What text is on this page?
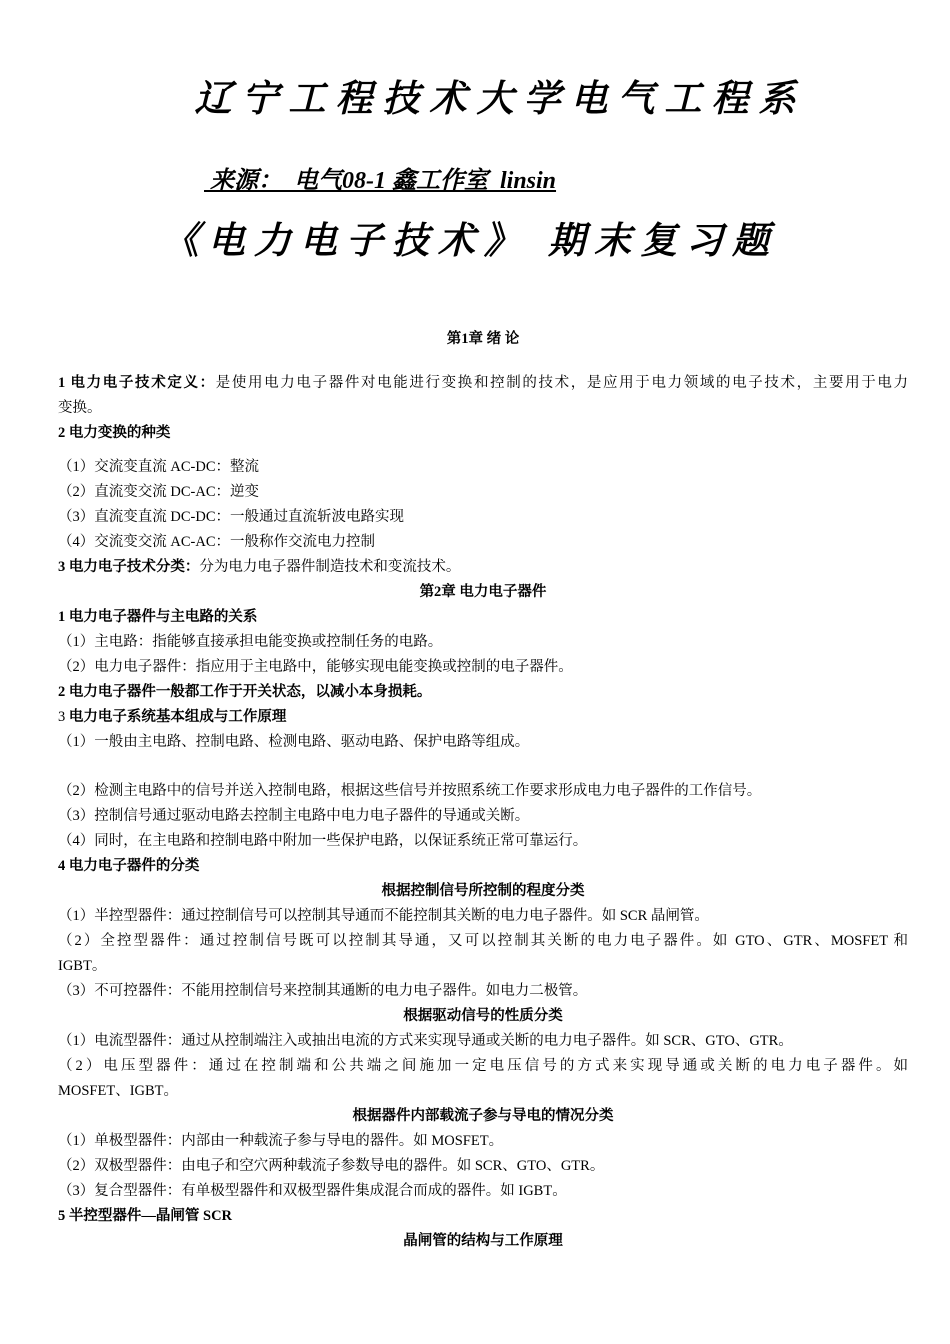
辽宁工程技术大学电气工程系
来源：  电气08-1 鑫工作室  linsin
《电力电子技术》 期末复习题
第1章 绪 论
1 电力电子技术定义：是使用电力电子器件对电能进行变换和控制的技术，是应用于电力领域的电子技术，主要用于电力
变换。
2 电力变换的种类
（1）交流变直流 AC-DC：整流
（2）直流变交流 DC-AC：逆变
（3）直流变直流 DC-DC：一般通过直流斩波电路实现
（4）交流变交流 AC-AC：一般称作交流电力控制
3 电力电子技术分类：分为电力电子器件制造技术和变流技术。
第2章 电力电子器件
1 电力电子器件与主电路的关系
（1）主电路：指能够直接承担电能变换或控制任务的电路。
（2）电力电子器件：指应用于主电路中，能够实现电能变换或控制的电子器件。
2 电力电子器件一般都工作于开关状态，以减小本身损耗。
3 电力电子系统基本组成与工作原理
（1）一般由主电路、控制电路、检测电路、驱动电路、保护电路等组成。
（2）检测主电路中的信号并送入控制电路，根据这些信号并按照系统工作要求形成电力电子器件的工作信号。
（3）控制信号通过驱动电路去控制主电路中电力电子器件的导通或关断。
（4）同时，在主电路和控制电路中附加一些保护电路，以保证系统正常可靠运行。
4 电力电子器件的分类
根据控制信号所控制的程度分类
（1）半控型器件：通过控制信号可以控制其导通而不能控制其关断的电力电子器件。如 SCR 晶闸管。
（2）全控型器件：通过控制信号既可以控制其导通，又可以控制其关断的电力电子器件。如 GTO、GTR、MOSFET 和
IGBT。
（3）不可控器件：不能用控制信号来控制其通断的电力电子器件。如电力二极管。
根据驱动信号的性质分类
（1）电流型器件：通过从控制端注入或抽出电流的方式来实现导通或关断的电力电子器件。如 SCR、GTO、GTR。
（2）电压型器件：通过在控制端和公共端之间施加一定电压信号的方式来实现导通或关断的电力电子器件。如
MOSFET、IGBT。
根据器件内部载流子参与导电的情况分类
（1）单极型器件：内部由一种载流子参与导电的器件。如 MOSFET。
（2）双极型器件：由电子和空穴两种载流子参数导电的器件。如 SCR、GTO、GTR。
（3）复合型器件：有单极型器件和双极型器件集成混合而成的器件。如 IGBT。
5 半控型器件—晶闸管 SCR
晶闸管的结构与工作原理
